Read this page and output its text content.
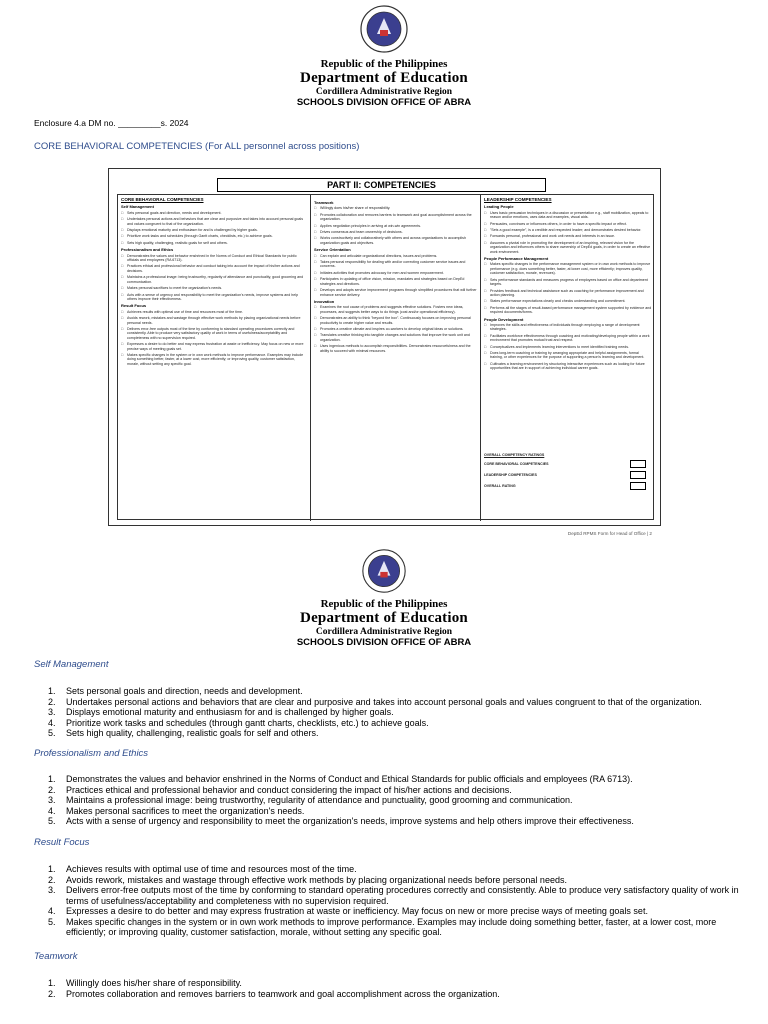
Republic of the Philippines
Department of Education
Cordillera Administrative Region
SCHOOLS DIVISION OFFICE OF ABRA
Enclosure 4.a DM no. _________s. 2024
CORE BEHAVIORAL COMPETENCIES (For ALL personnel across positions)
PART II: COMPETENCIES
CORE BEHAVIORAL COMPETENCIES
Self Management
□ Sets personal goals and direction, needs and development.
□ Undertakes personal actions and behaviors that are clear and purposive and takes into account personal goals and values congruent to that of the organization.
□ Displays emotional maturity and enthusiasm for and is challenged by higher goals.
□ Prioritize work tasks and schedules (through Gantt charts, checklists, etc.) to achieve goals.
□ Sets high quality, challenging, realistic goals for self and others.
Professionalism and Ethics
□ Demonstrates the values and behavior enshrined in the Norms of Conduct and Ethical Standards for public officials and employees (RA 6713).
□ Practices ethical and professional behavior and conduct taking into account the impact of his/her actions and decisions.
□ Maintains a professional image: being trustworthy, regularity of attendance and punctuality, good grooming and communication.
□ Makes personal sacrifices to meet the organization's needs.
□ Acts with a sense of urgency and responsibility to meet the organization's needs, improve systems and help others improve their effectiveness.
Result Focus
□ Achieves results with optimal use of time and resources most of the time.
□ Avoids rework, mistakes and wastage through effective work methods by placing organizational needs before personal needs.
□ Delivers error-free outputs most of the time by conforming to standard operating procedures correctly and consistently. Able to produce very satisfactory quality of work in terms of usefulness/acceptability and completeness with no supervision required.
□ Expresses a desire to do better and may express frustration at waste or inefficiency. May focus on new or more precise ways of meeting goals set.
□ Makes specific changes in the system or in own work methods to improve performance. Examples may include doing something better, faster, at a lower cost, more efficiently; or improving quality, customer satisfaction, morale, without setting any specific goal.
Teamwork
□ Willingly does his/her share of responsibility.
□ Promotes collaboration and removes barriers to teamwork and goal accomplishment across the organization.
□ Applies negotiation principles in arriving at win-win agreements.
□ Drives consensus and team ownership of decisions.
□ Works constructively and collaboratively with others and across organizations to accomplish organization goals and objectives.
Service Orientation
□ Can explain and articulate organizational directions, issues and problems.
□ Takes personal responsibility for dealing with and/or correcting customer service issues and concerns.
□ Initiates activities that promotes advocacy for men and women empowerment.
□ Participates in updating of office vision, mission, mandates and strategies based on DepEd strategies and directions.
□ Develops and adopts service improvement programs through simplified procedures that will further enhance service delivery.
Innovation
□ Examines the root cause of problems and suggests effective solutions. Fosters new ideas, processes, and suggests better ways to do things (cost and/or operational efficiency).
□ Demonstrates an ability to think "beyond the box". Continuously focuses on improving personal productivity to create higher value and results.
□ Promotes a creative climate and inspires co-workers to develop original ideas or solutions.
□ Translates creative thinking into tangible changes and solutions that improve the work unit and organization.
□ Uses ingenious methods to accomplish responsibilities. Demonstrates resourcefulness and the ability to succeed with minimal resources.
LEADERSHIP COMPETENCIES
Leading People
□ Uses basic persuasion techniques in a discussion or presentation e.g., staff mobilization, appeals to reason and/or emotions, uses data and examples, visual aids.
□ Persuades, convinces or influences others, in order to have a specific impact or effect.
□ "Sets a good example", is a credible and respected leader; and demonstrates desired behavior.
□ Forwards personal, professional and work unit needs and interests in an issue.
□ Assumes a pivotal role in promoting the development of an inspiring, relevant vision for the organization and influences others to share ownership of DepEd goals, in order to create an effective work environment.
People Performance Management
□ Makes specific changes in the performance management system or in own work methods to improve performance (e.g. does something better, faster, at lower cost, more efficiently; improves quality, customer satisfaction, morale, revenues).
□ Sets performance standards and measures progress of employees based on office and department targets.
□ Provides feedback and technical assistance such as coaching for performance improvement and action planning.
□ States performance expectations clearly and checks understanding and commitment.
□ Performs all the stages of result-based performance management system supported by evidence and required documents/forms.
People Development
□ Improves the skills and effectiveness of individuals through employing a range of development strategies.
□ Facilitates workforce effectiveness through coaching and motivating/developing people within a work environment that promotes mutual trust and respect.
□ Conceptualizes and implements learning interventions to meet identified training needs.
□ Does long-term coaching or training by arranging appropriate and helpful assignments, formal training, or other experiences for the purpose of supporting a person's learning and development.
□ Cultivates a learning environment by structuring interactive experiences such as looking for future opportunities that are in support of achieving individual career goals.
OVERALL COMPETENCY RATINGS
CORE BEHAVIORAL COMPETENCIES
LEADERSHIP COMPETENCIES
OVERALL RATING
DepEd RPMS Form for Head of Office | 2
Republic of the Philippines
Department of Education
Cordillera Administrative Region
SCHOOLS DIVISION OFFICE OF ABRA
Self Management
1. Sets personal goals and direction, needs and development.
2. Undertakes personal actions and behaviors that are clear and purposive and takes into account personal goals and values congruent to that of the organization.
3. Displays emotional maturity and enthusiasm for and is challenged by higher goals.
4. Prioritize work tasks and schedules (through gantt charts, checklists, etc.) to achieve goals.
5. Sets high quality, challenging, realistic goals for self and others.
Professionalism and Ethics
1. Demonstrates the values and behavior enshrined in the Norms of Conduct and Ethical Standards for public officials and employees (RA 6713).
2. Practices ethical and professional behavior and conduct considering the impact of his/her actions and decisions.
3. Maintains a professional image: being trustworthy, regularity of attendance and punctuality, good grooming and communication.
4. Makes personal sacrifices to meet the organization's needs.
5. Acts with a sense of urgency and responsibility to meet the organization's needs, improve systems and help others improve their effectiveness.
Result Focus
1. Achieves results with optimal use of time and resources most of the time.
2. Avoids rework, mistakes and wastage through effective work methods by placing organizational needs before personal needs.
3. Delivers error-free outputs most of the time by conforming to standard operating procedures correctly and consistently. Able to produce very satisfactory quality of work in terms of usefulness/acceptability and completeness with no supervision required.
4. Expresses a desire to do better and may express frustration at waste or inefficiency. May focus on new or more precise ways of meeting goals set.
5. Makes specific changes in the system or in own work methods to improve performance. Examples may include doing something better, faster, at a lower cost, more efficiently; or improving quality, customer satisfaction, morale, without setting any specific goal.
Teamwork
1. Willingly does his/her share of responsibility.
2. Promotes collaboration and removes barriers to teamwork and goal accomplishment across the organization.
